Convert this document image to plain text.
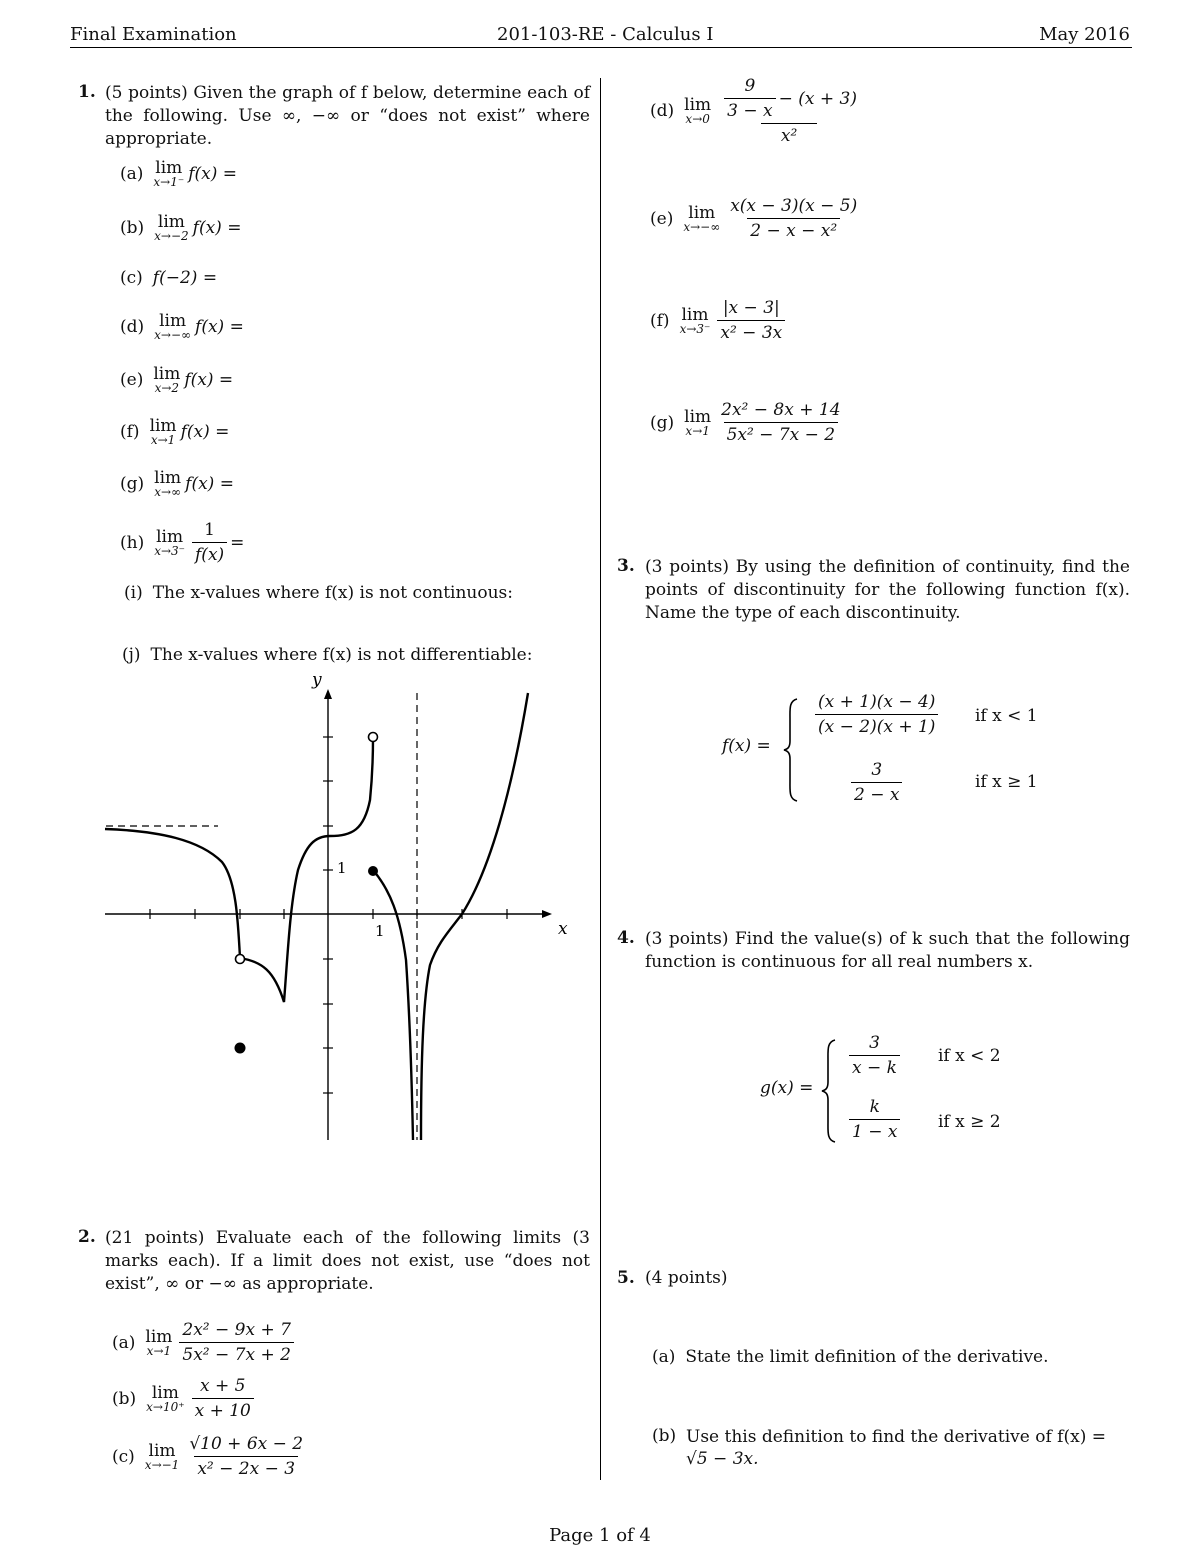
Final Examination	201-103-RE - Calculus I	May 2016
1. (5 points) Given the graph of f below, determine each of the following. Use ∞, −∞ or “does not exist” where appropriate.
(a) lim
x→1⁻ f(x) =
(b) lim
x→−2 f(x) =
(c) f(−2) =
(d) lim
x→−∞ f(x) =
(e) lim
x→2 f(x) =
(f) lim
x→1 f(x) =
(g) lim
x→∞ f(x) =
(h) lim
$x\to 3^- \frac{1}{f(x)}$ =
(i) The x-values where f(x) is not continuous:
(j) The x-values where f(x) is not differentiable:
y
x
1
1
2. (21 points) Evaluate each of the following limits (3 marks each). If a limit does not exist, use “does not exist”, ∞ or −∞ as appropriate.
(a) lim
$x\to 1 \frac{\text{2x² − 9x + 7}}{\text{5x² − 7x + 2}}$
(b) lim
$x\to 10^+ \frac{x + 5}{x + 10}$
(c) lim
$x\to-1 \frac{√10 + 6x - 2}{\text{x² − 2x − 3}}$
(d) lim
$x\to 0 \frac{\frac{9}{3 - x} - (x + 3)}{\text{x²}}$
(e) lim
$x\to-\infty \frac{x(x - 3)(x - 5)}{\text{2 − x − x²}}$
(f) lim
$x\to 3^- \frac{|x - 3|}{\text{x² − 3x}}$
(g) lim
$x\to 1 \frac{\text{2x² − 8x + 14}}{\text{5x² − 7x − 2}}$
3. (3 points) By using the definition of continuity, find the points of discontinuity for the following function f(x). Name the type of each discontinuity.
f(x) =
$\frac{(x + 1)(x - 4)}{(x - 2)(x + 1)}$ if x < 1
$\frac{3}{2 - x}$	if x ≥ 1
4. (3 points) Find the value(s) of k such that the following function is continuous for all real numbers x.
g(x) =
$\frac{3}{x - k}$ if x < 2
$\frac{k}{1 - x}$ if x ≥ 2
5. (4 points)
(a) State the limit definition of the derivative.
(b) Use this definition to find the derivative of f(x) =
√5 − 3x.
Page 1 of 4
